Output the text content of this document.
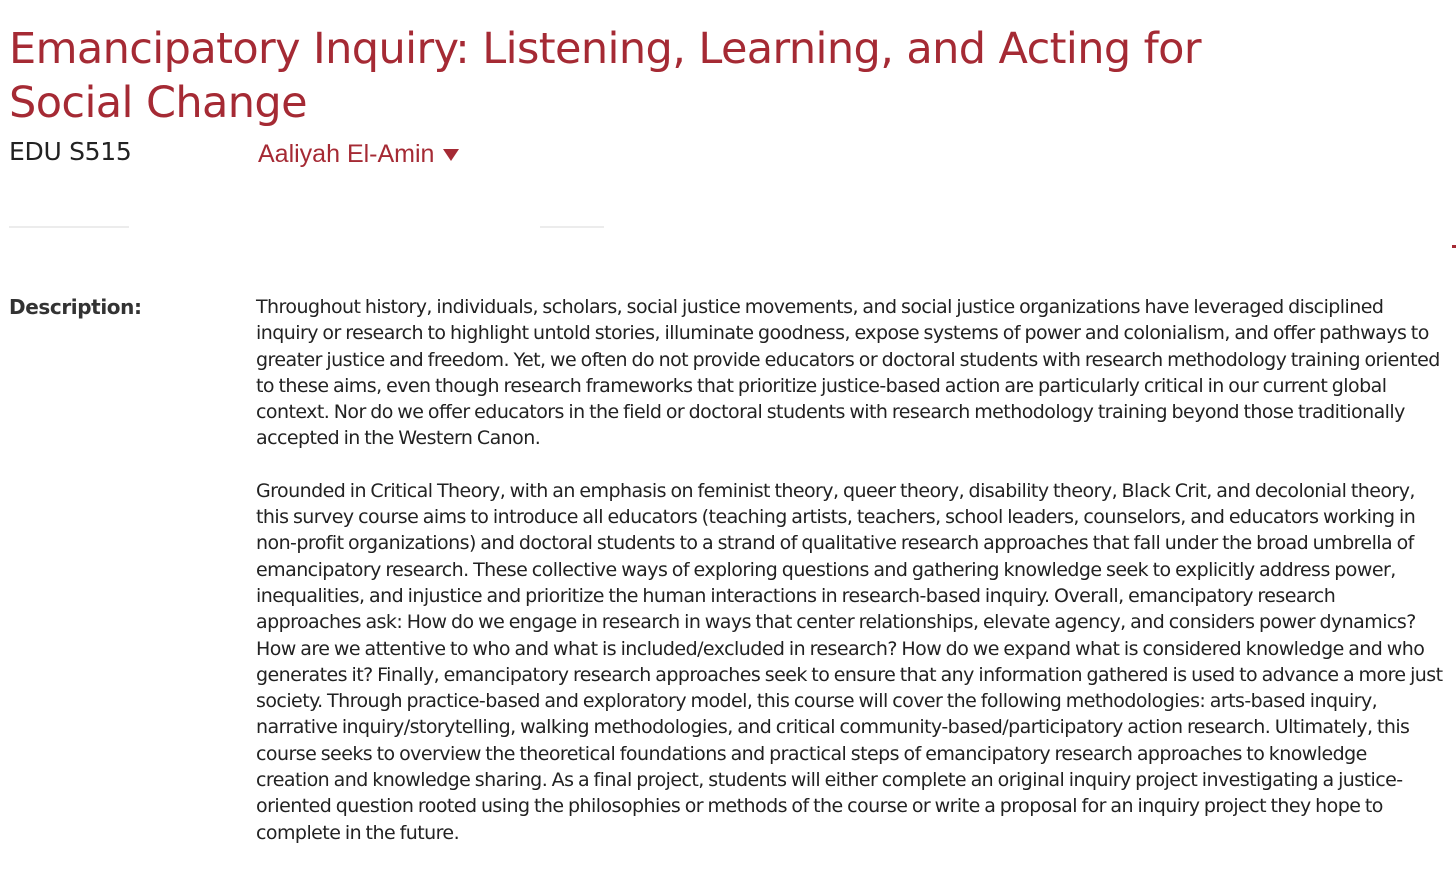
Emancipatory Inquiry: Listening, Learning, and Acting for Social Change
EDU S515	Aaliyah El-Amin
Description:	Throughout history, individuals, scholars, social justice movements, and social justice organizations have leveraged disciplined inquiry or research to highlight untold stories, illuminate goodness, expose systems of power and colonialism, and offer pathways to greater justice and freedom. Yet, we often do not provide educators or doctoral students with research methodology training oriented to these aims, even though research frameworks that prioritize justice-based action are particularly critical in our current global context. Nor do we offer educators in the field or doctoral students with research methodology training beyond those traditionally accepted in the Western Canon.

Grounded in Critical Theory, with an emphasis on feminist theory, queer theory, disability theory, Black Crit, and decolonial theory, this survey course aims to introduce all educators (teaching artists, teachers, school leaders, counselors, and educators working in non-profit organizations) and doctoral students to a strand of qualitative research approaches that fall under the broad umbrella of emancipatory research. These collective ways of exploring questions and gathering knowledge seek to explicitly address power, inequalities, and injustice and prioritize the human interactions in research-based inquiry. Overall, emancipatory research approaches ask: How do we engage in research in ways that center relationships, elevate agency, and considers power dynamics? How are we attentive to who and what is included/excluded in research? How do we expand what is considered knowledge and who generates it? Finally, emancipatory research approaches seek to ensure that any information gathered is used to advance a more just society. Through practice-based and exploratory model, this course will cover the following methodologies: arts-based inquiry, narrative inquiry/storytelling, walking methodologies, and critical community-based/participatory action research. Ultimately, this course seeks to overview the theoretical foundations and practical steps of emancipatory research approaches to knowledge creation and knowledge sharing. As a final project, students will either complete an original inquiry project investigating a justice-oriented question rooted using the philosophies or methods of the course or write a proposal for an inquiry project they hope to complete in the future.
